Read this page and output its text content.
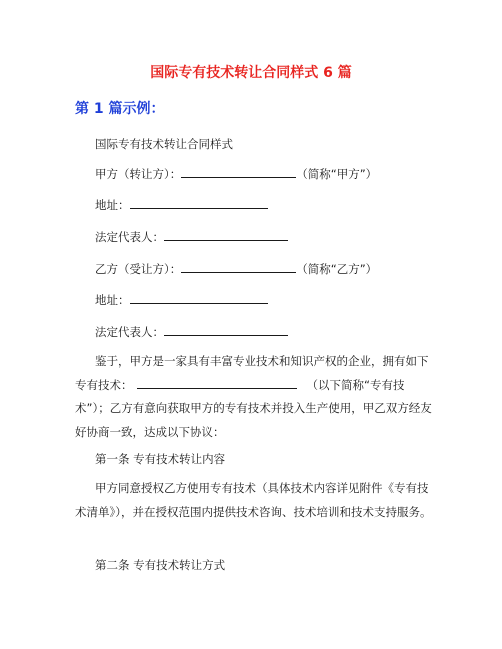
国际专有技术转让合同样式 6 篇
第 1 篇示例：
国际专有技术转让合同样式
甲方（转让方）：	（简称“甲方”）
地址：
法定代表人：
乙方（受让方）：	（简称“乙方”）
地址：
法定代表人：
鉴于，甲方是一家具有丰富专业技术和知识产权的企业，拥有如下专有技术：	（以下简称“专有技术”）；乙方有意向获取甲方的专有技术并投入生产使用，甲乙双方经友好协商一致，达成以下协议：
第一条 专有技术转让内容
甲方同意授权乙方使用专有技术（具体技术内容详见附件《专有技术清单》），并在授权范围内提供技术咨询、技术培训和技术支持服务。
第二条 专有技术转让方式
